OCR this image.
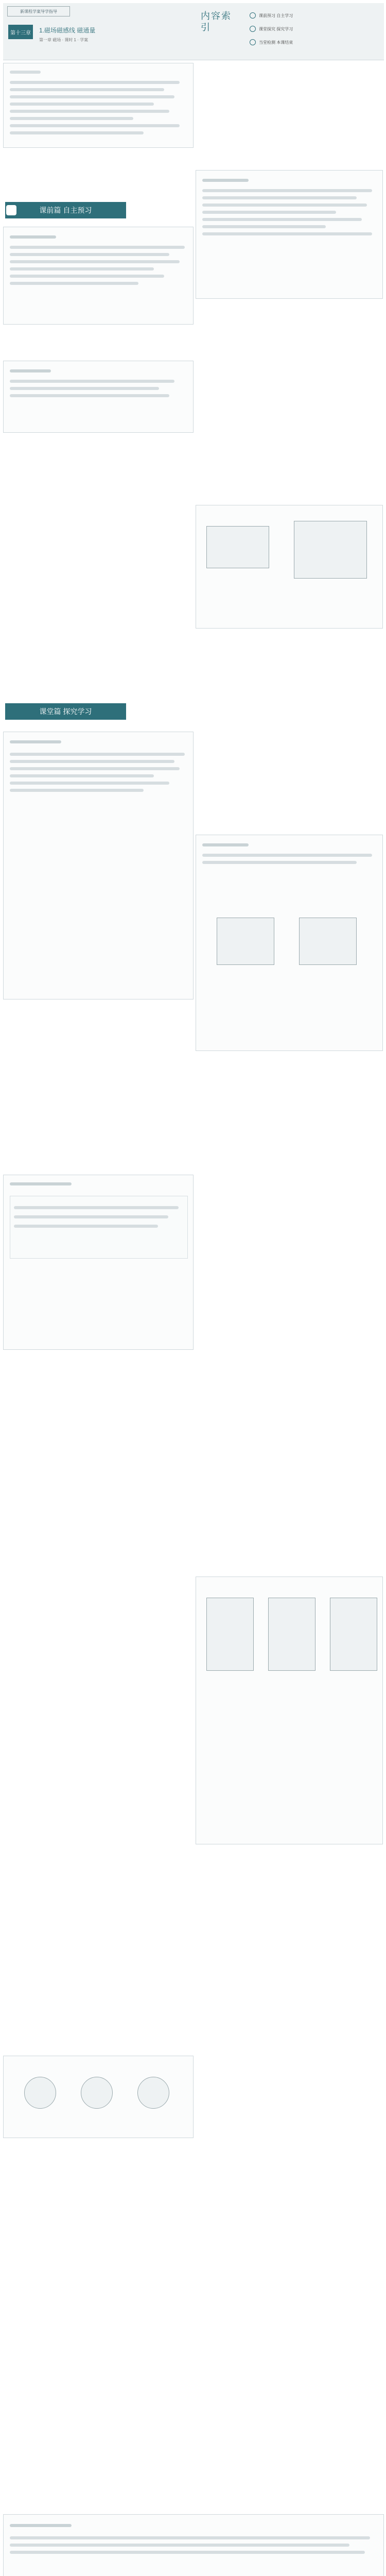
新课程学案导学指导
第十三章	1.磁场磁感线 磁通量
第一章 磁场 · 课时 1 · 学案
内容索引
课前预习 自主学习
课堂探究 探究学习
当堂检测 本课结束
课前篇 自主预习
课堂篇 探究学习
